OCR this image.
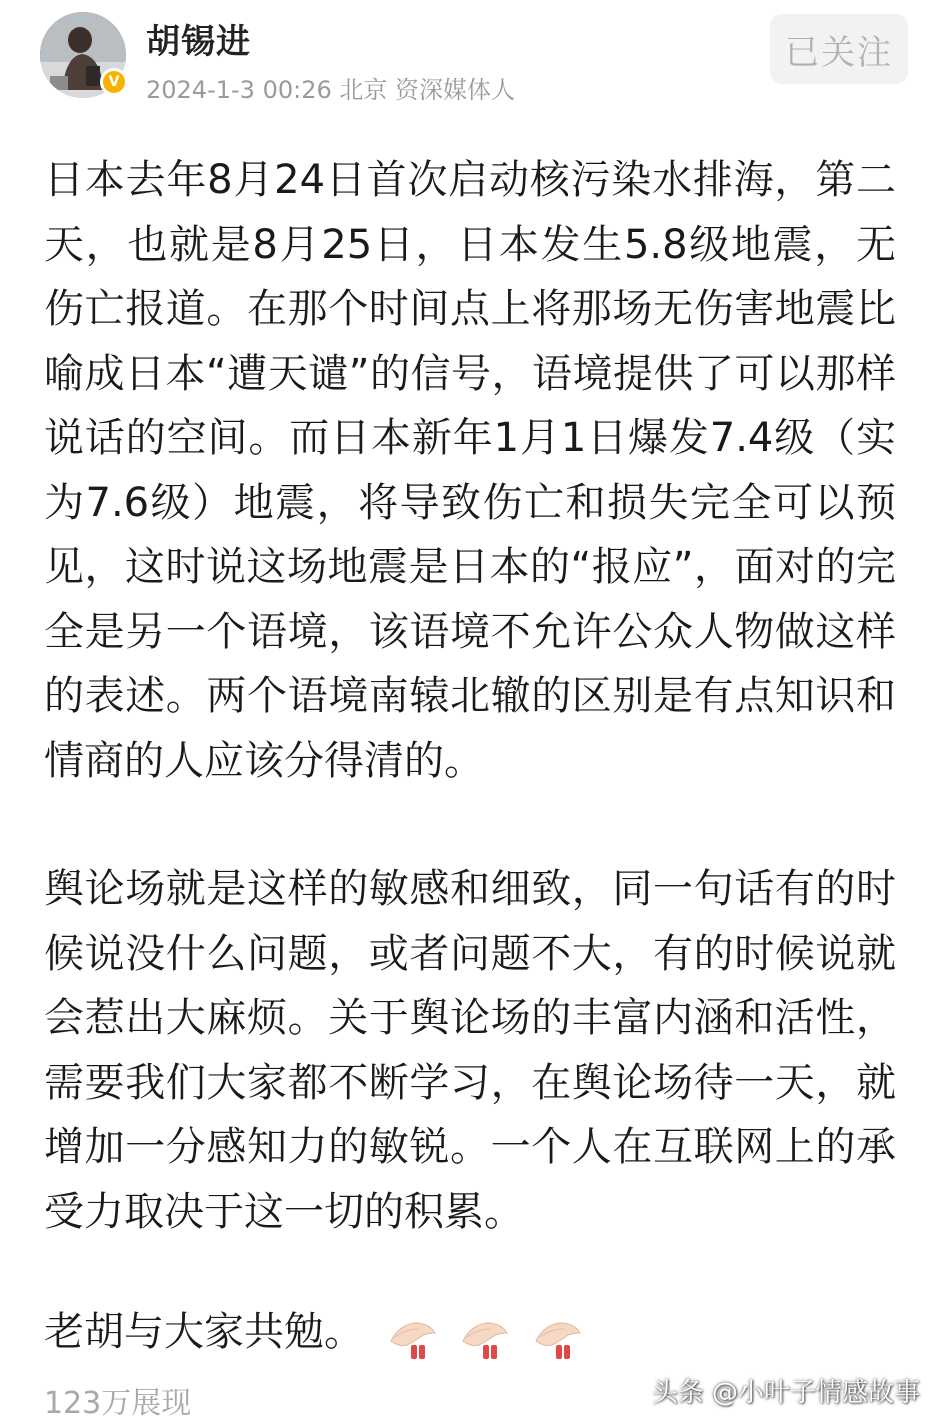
V
胡锡进
2024-1-3 00:26 北京 资深媒体人
已关注

日本去年8月24日首次启动核污染水排海，第二天，也就是8月25日，日本发生5.8级地震，无伤亡报道。在那个时间点上将那场无伤害地震比喻成日本“遭天谴”的信号，语境提供了可以那样说话的空间。而日本新年1月1日爆发7.4级（实为7.6级）地震，将导致伤亡和损失完全可以预见，这时说这场地震是日本的“报应”，面对的完全是另一个语境，该语境不允许公众人物做这样的表述。两个语境南辕北辙的区别是有点知识和情商的人应该分得清的。

舆论场就是这样的敏感和细致，同一句话有的时候说没什么问题，或者问题不大，有的时候说就会惹出大麻烦。关于舆论场的丰富内涵和活性，需要我们大家都不断学习，在舆论场待一天，就增加一分感知力的敏锐。一个人在互联网上的承受力取决于这一切的积累。

老胡与大家共勉。
123万展现	头条 @小叶子情感故事
